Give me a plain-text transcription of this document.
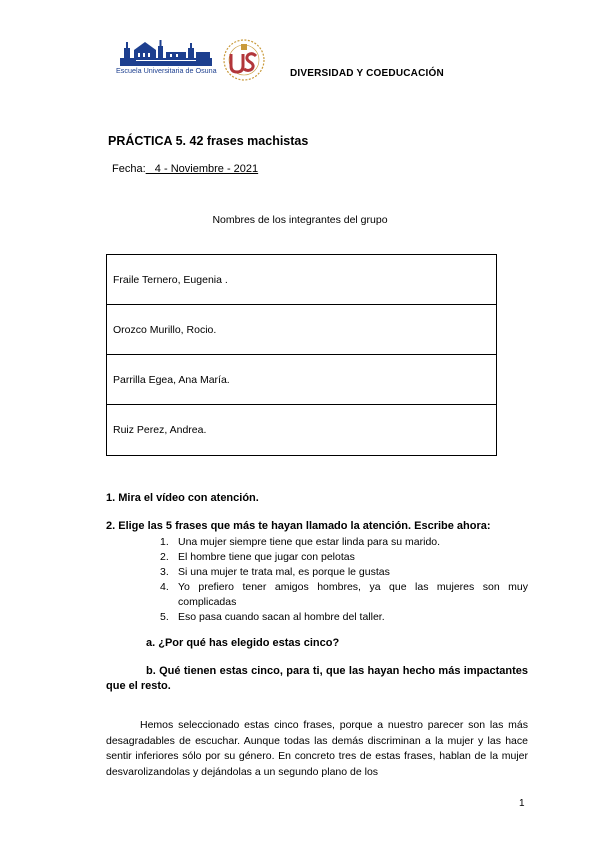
Escuela Universitaria de Osuna	DIVERSIDAD Y COEDUCACIÓN
PRÁCTICA 5. 42 frases machistas
Fecha:   4 - Noviembre - 2021
Nombres de los integrantes del grupo
Fraile Ternero, Eugenia .
Orozco Murillo, Rocio.
Parrilla Egea, Ana María.
Ruiz Perez, Andrea.
1. Mira el vídeo con atención.
2. Elige las 5 frases que más te hayan llamado la atención. Escribe ahora:
1. Una mujer siempre tiene que estar linda para su marido.
2. El hombre tiene que jugar con pelotas
3. Si una mujer te trata mal, es porque le gustas
4. Yo prefiero tener amigos hombres, ya que las mujeres son muy complicadas
5. Eso pasa cuando sacan al hombre del taller.
a. ¿Por qué has elegido estas cinco?
b. Qué tienen estas cinco, para ti, que las hayan hecho más impactantes que el resto.
Hemos seleccionado estas cinco frases, porque a nuestro parecer son las más desagradables de escuchar. Aunque todas las demás discriminan a la mujer y las hace sentir inferiores sólo por su género. En concreto tres de estas frases, hablan de la mujer desvarolizandolas y dejándolas a un segundo plano de los
1
